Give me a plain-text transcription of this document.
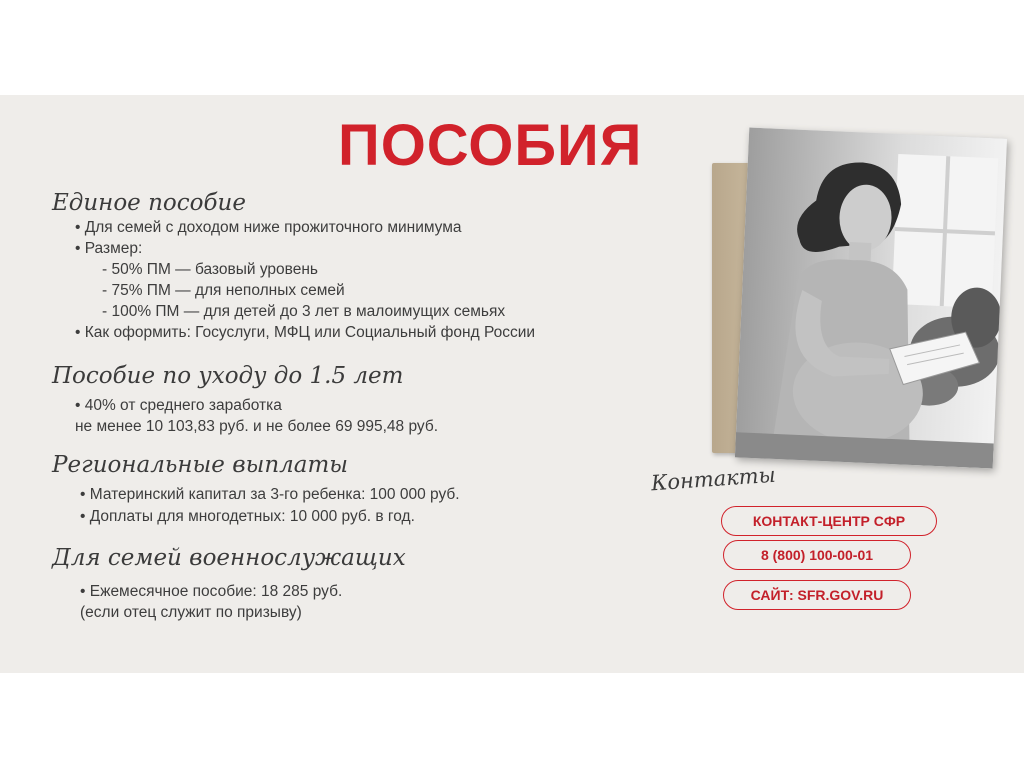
ПОСОБИЯ
Единое пособие
• Для семей с доходом ниже прожиточного минимума
• Размер:
- 50% ПМ — базовый уровень
- 75% ПМ — для неполных семей
- 100% ПМ — для детей до 3 лет в малоимущих семьях
• Как оформить: Госуслуги, МФЦ или Социальный фонд России
Пособие по уходу до 1.5 лет
• 40% от среднего заработка
не менее 10 103,83 руб. и не более 69 995,48 руб.
Региональные выплаты
• Материнский капитал за 3-го ребенка: 100 000 руб.
• Доплаты для многодетных: 10 000 руб. в год.
Для семей военнослужащих
• Ежемесячное пособие: 18 285 руб.
(если отец служит по призыву)
Контакты
КОНТАКТ-ЦЕНТР СФР
8 (800) 100-00-01
САЙТ: SFR.GOV.RU
